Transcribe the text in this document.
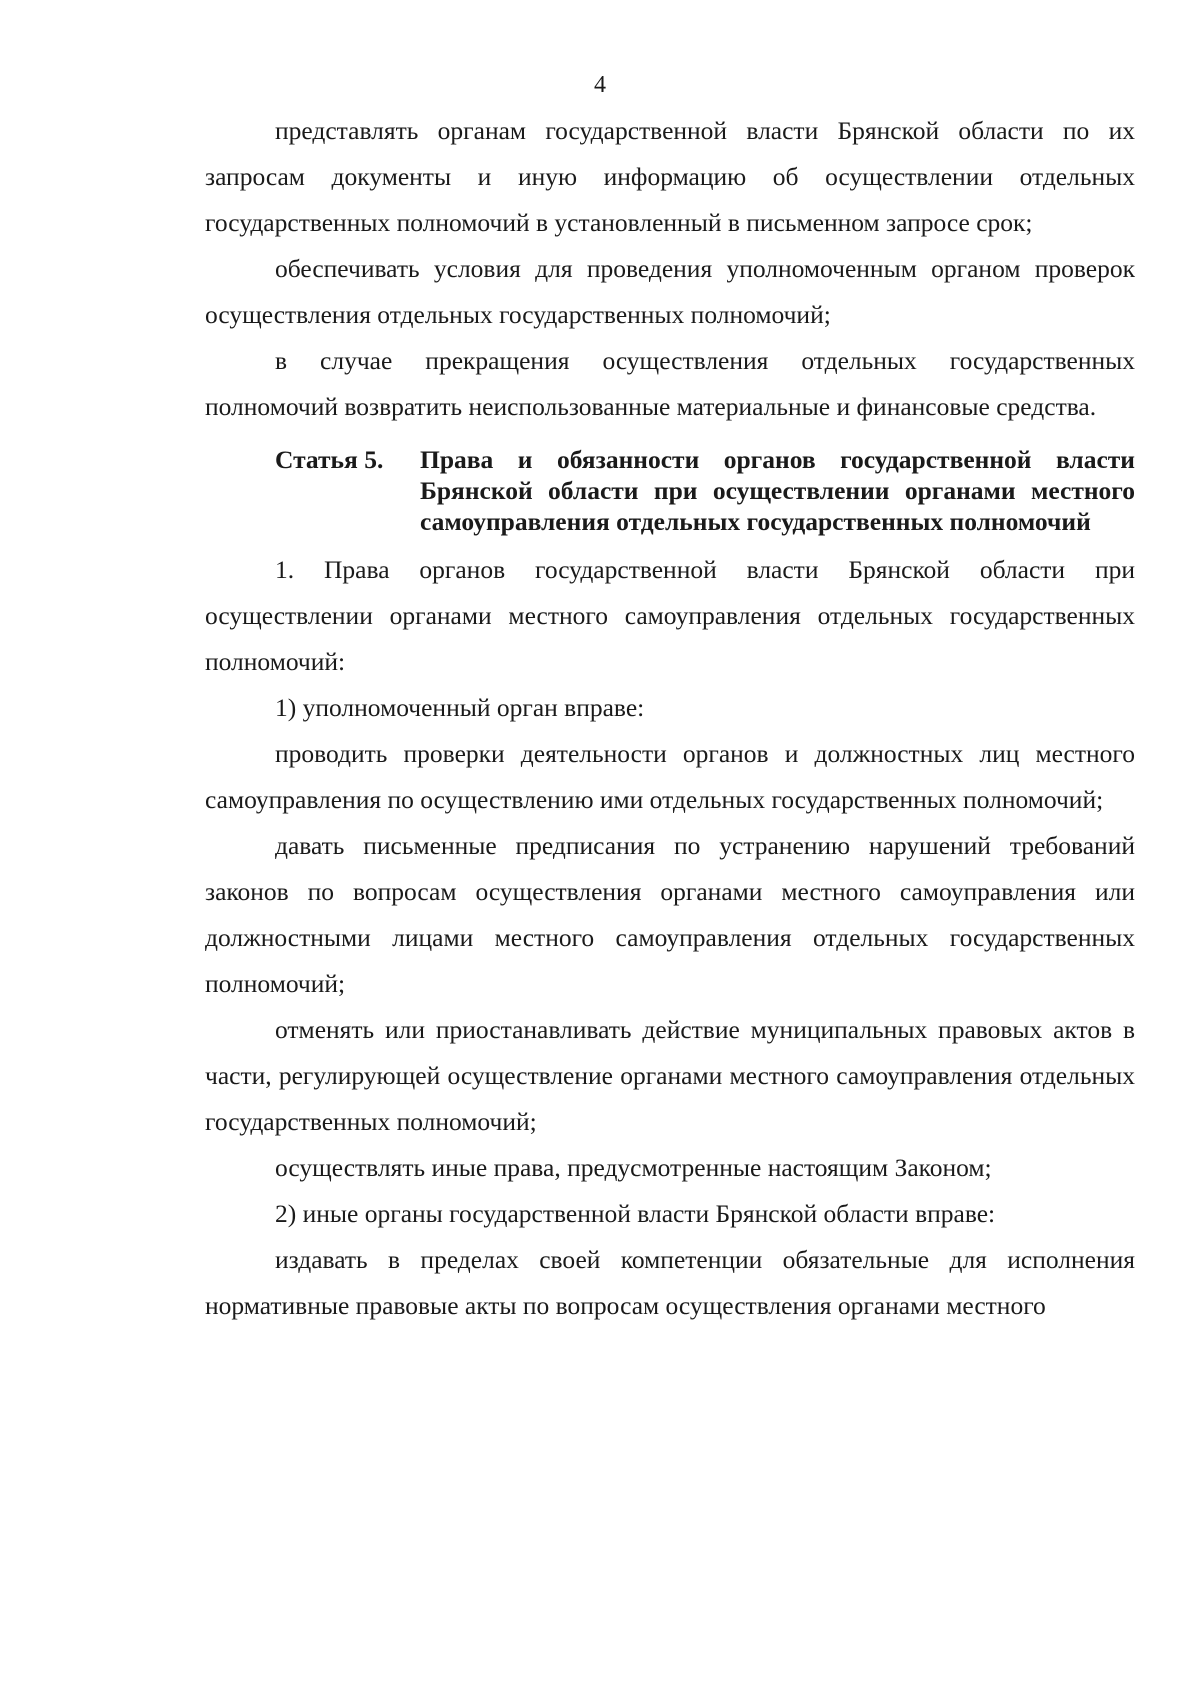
4

представлять органам государственной власти Брянской области по их запросам документы и иную информацию об осуществлении отдельных государственных полномочий в установленный в письменном запросе срок;

обеспечивать условия для проведения уполномоченным органом проверок осуществления отдельных государственных полномочий;

в случае прекращения осуществления отдельных государственных полномочий возвратить неиспользованные материальные и финансовые средства.

Статья 5.	Права и обязанности органов государственной власти Брянской области при осуществлении органами местного самоуправления отдельных государственных полномочий

1. Права органов государственной власти Брянской области при осуществлении органами местного самоуправления отдельных государственных полномочий:

1) уполномоченный орган вправе:

проводить проверки деятельности органов и должностных лиц местного самоуправления по осуществлению ими отдельных государственных полномочий;

давать письменные предписания по устранению нарушений требований законов по вопросам осуществления органами местного самоуправления или должностными лицами местного самоуправления отдельных государственных полномочий;

отменять или приостанавливать действие муниципальных правовых актов в части, регулирующей осуществление органами местного самоуправления отдельных государственных полномочий;

осуществлять иные права, предусмотренные настоящим Законом;

2) иные органы государственной власти Брянской области вправе:

издавать в пределах своей компетенции обязательные для исполнения нормативные правовые акты по вопросам осуществления органами местного
